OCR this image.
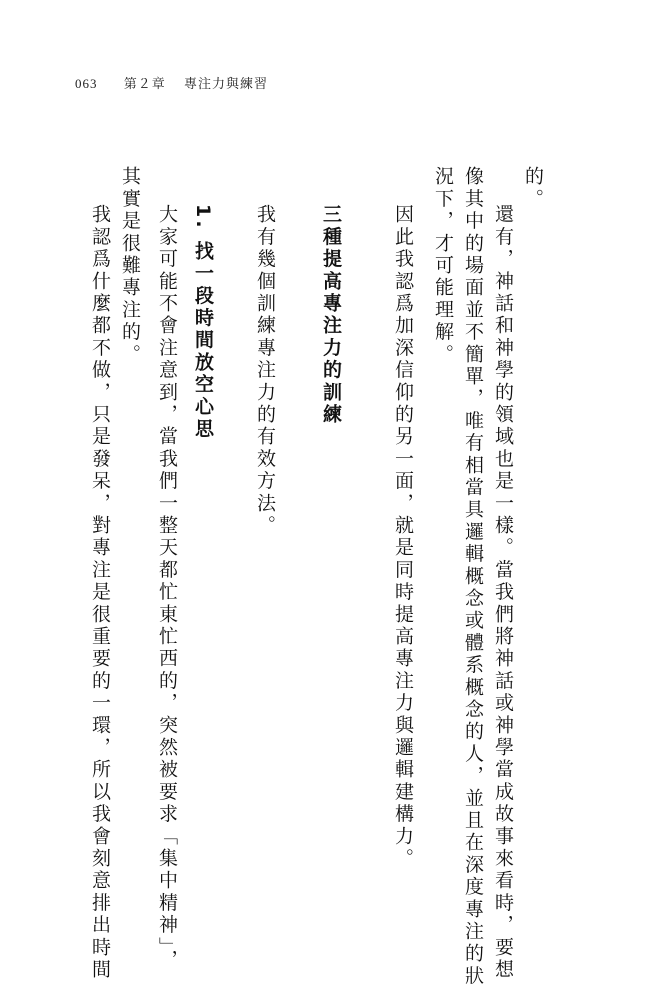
063 第２章 專注力與練習
的。
還有，神話和神學的領域也是一樣。當我們將神話或神學當成故事來看時，要想
像其中的場面並不簡單，唯有相當具邏輯概念或體系概念的人，並且在深度專注的狀
況下，才可能理解。
因此我認爲加深信仰的另一面，就是同時提高專注力與邏輯建構力。
三種提高專注力的訓練
我有幾個訓練專注力的有效方法。
1. 找一段時間放空心思
大家可能不會注意到，當我們一整天都忙東忙西的，突然被要求「集中精神」，
其實是很難專注的。
我認爲什麼都不做，只是發呆，對專注是很重要的一環，所以我會刻意排出時間
